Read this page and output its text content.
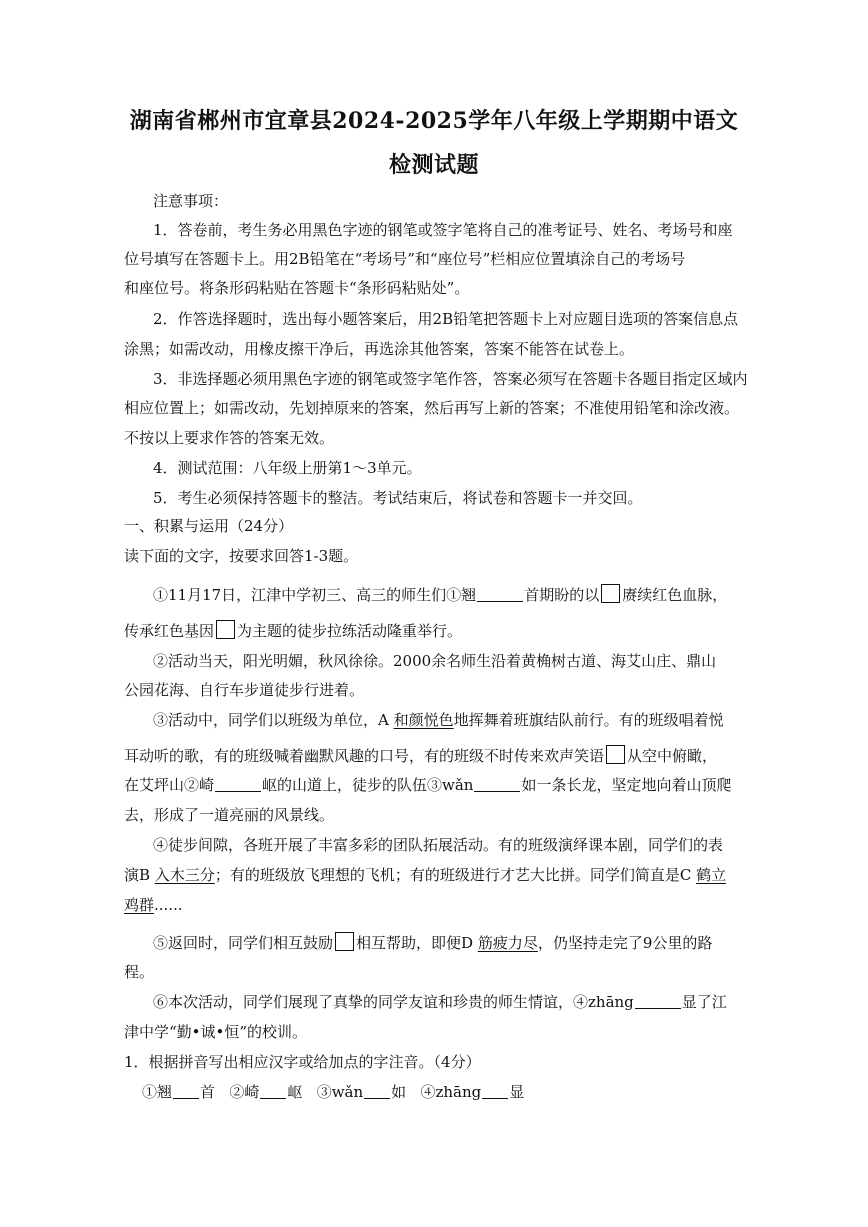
湖南省郴州市宜章县2024-2025学年八年级上学期期中语文
检测试题
注意事项：
1．答卷前，考生务必用黑色字迹的钢笔或签字笔将自己的准考证号、姓名、考场号和座
位号填写在答题卡上。用2B铅笔在“考场号”和“座位号”栏相应位置填涂自己的考场号
和座位号。将条形码粘贴在答题卡“条形码粘贴处”。
2．作答选择题时，选出每小题答案后，用2B铅笔把答题卡上对应题目选项的答案信息点
涂黑；如需改动，用橡皮擦干净后，再选涂其他答案，答案不能答在试卷上。
3．非选择题必须用黑色字迹的钢笔或签字笔作答，答案必须写在答题卡各题目指定区域内
相应位置上；如需改动，先划掉原来的答案，然后再写上新的答案；不准使用铅笔和涂改液。
不按以上要求作答的答案无效。
4．测试范围：八年级上册第1～3单元。
5．考生必须保持答题卡的整洁。考试结束后，将试卷和答题卡一并交回。
一、积累与运用（24分）
读下面的文字，按要求回答1-3题。
①11月17日，江津中学初三、高三的师生们①翘	首期盼的以 赓续红色血脉，
传承红色基因 为主题的徒步拉练活动隆重举行。
②活动当天，阳光明媚，秋风徐徐。2000余名师生沿着黄桷树古道、海艾山庄、鼎山
公园花海、自行车步道徒步行进着。
③活动中，同学们以班级为单位，A 和颜悦色地挥舞着班旗结队前行。有的班级唱着悦
耳动听的歌，有的班级喊着幽默风趣的口号，有的班级不时传来欢声笑语 从空中俯瞰，
在艾坪山②崎	岖的山道上，徒步的队伍③wǎn	如一条长龙，坚定地向着山顶爬
去，形成了一道亮丽的风景线。
④徒步间隙，各班开展了丰富多彩的团队拓展活动。有的班级演绎课本剧，同学们的表
演B 入木三分；有的班级放飞理想的飞机；有的班级进行才艺大比拼。同学们简直是C 鹤立
鸡群......
⑤返回时，同学们相互鼓励 相互帮助，即便D 筋疲力尽，仍坚持走完了9公里的路
程。
⑥本次活动，同学们展现了真挚的同学友谊和珍贵的师生情谊，④zhāng	显了江
津中学“勤•诚•恒”的校训。
1．根据拼音写出相应汉字或给加点的字注音。（4分）
①翘 首 ②崎 岖 ③wǎn 如 ④zhāng 显
